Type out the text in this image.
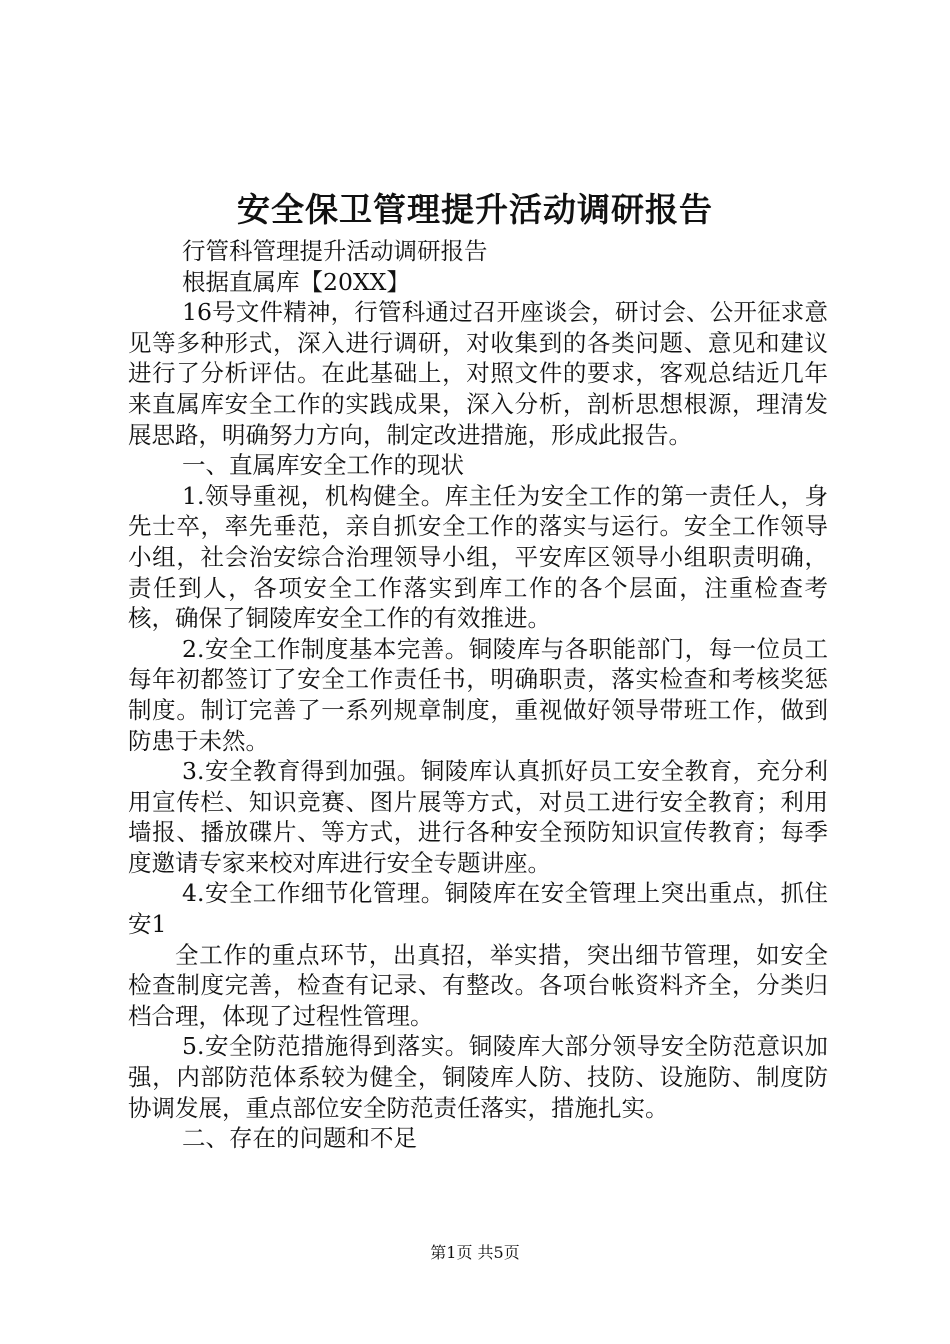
安全保卫管理提升活动调研报告

行管科管理提升活动调研报告

根据直属库【20XX】

16号文件精神，行管科通过召开座谈会，研讨会、公开征求意见等多种形式，深入进行调研，对收集到的各类问题、意见和建议进行了分析评估。在此基础上，对照文件的要求，客观总结近几年来直属库安全工作的实践成果，深入分析，剖析思想根源，理清发展思路，明确努力方向，制定改进措施，形成此报告。

一、直属库安全工作的现状

1.领导重视，机构健全。库主任为安全工作的第一责任人，身先士卒，率先垂范，亲自抓安全工作的落实与运行。安全工作领导小组，社会治安综合治理领导小组，平安库区领导小组职责明确，责任到人，各项安全工作落实到库工作的各个层面，注重检查考核，确保了铜陵库安全工作的有效推进。

2.安全工作制度基本完善。铜陵库与各职能部门，每一位员工每年初都签订了安全工作责任书，明确职责，落实检查和考核奖惩制度。制订完善了一系列规章制度，重视做好领导带班工作，做到防患于未然。

3.安全教育得到加强。铜陵库认真抓好员工安全教育，充分利用宣传栏、知识竞赛、图片展等方式，对员工进行安全教育；利用墙报、播放碟片、等方式，进行各种安全预防知识宣传教育；每季度邀请专家来校对库进行安全专题讲座。

4.安全工作细节化管理。铜陵库在安全管理上突出重点，抓住安1

全工作的重点环节，出真招，举实措，突出细节管理，如安全检查制度完善，检查有记录、有整改。各项台帐资料齐全，分类归档合理，体现了过程性管理。

5.安全防范措施得到落实。铜陵库大部分领导安全防范意识加强，内部防范体系较为健全，铜陵库人防、技防、设施防、制度防协调发展，重点部位安全防范责任落实，措施扎实。

二、存在的问题和不足

第1页 共5页
